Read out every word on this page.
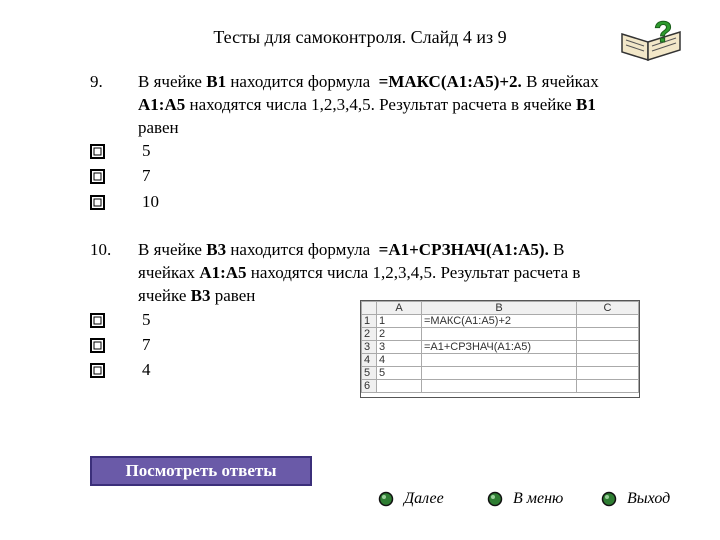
Тесты для самоконтроля. Слайд 4 из 9	?
9. В ячейке B1 находится формула  =МАКС(A1:A5)+2. В ячейках
A1:A5 находятся числа 1,2,3,4,5. Результат расчета в ячейке B1
равен
5
7
10
10. В ячейке B3 находится формула  =A1+СРЗНАЧ(A1:A5). В
ячейках A1:A5 находятся числа 1,2,3,4,5. Результат расчета в
ячейке B3 равен
5
7
4
	A	B	C
1	1	=МАКС(A1:A5)+2	
2	2		
3	3	=A1+СРЗНАЧ(A1:A5)	
4	4		
5	5		
6			
Посмотреть ответы
Далее	В меню	Выход
